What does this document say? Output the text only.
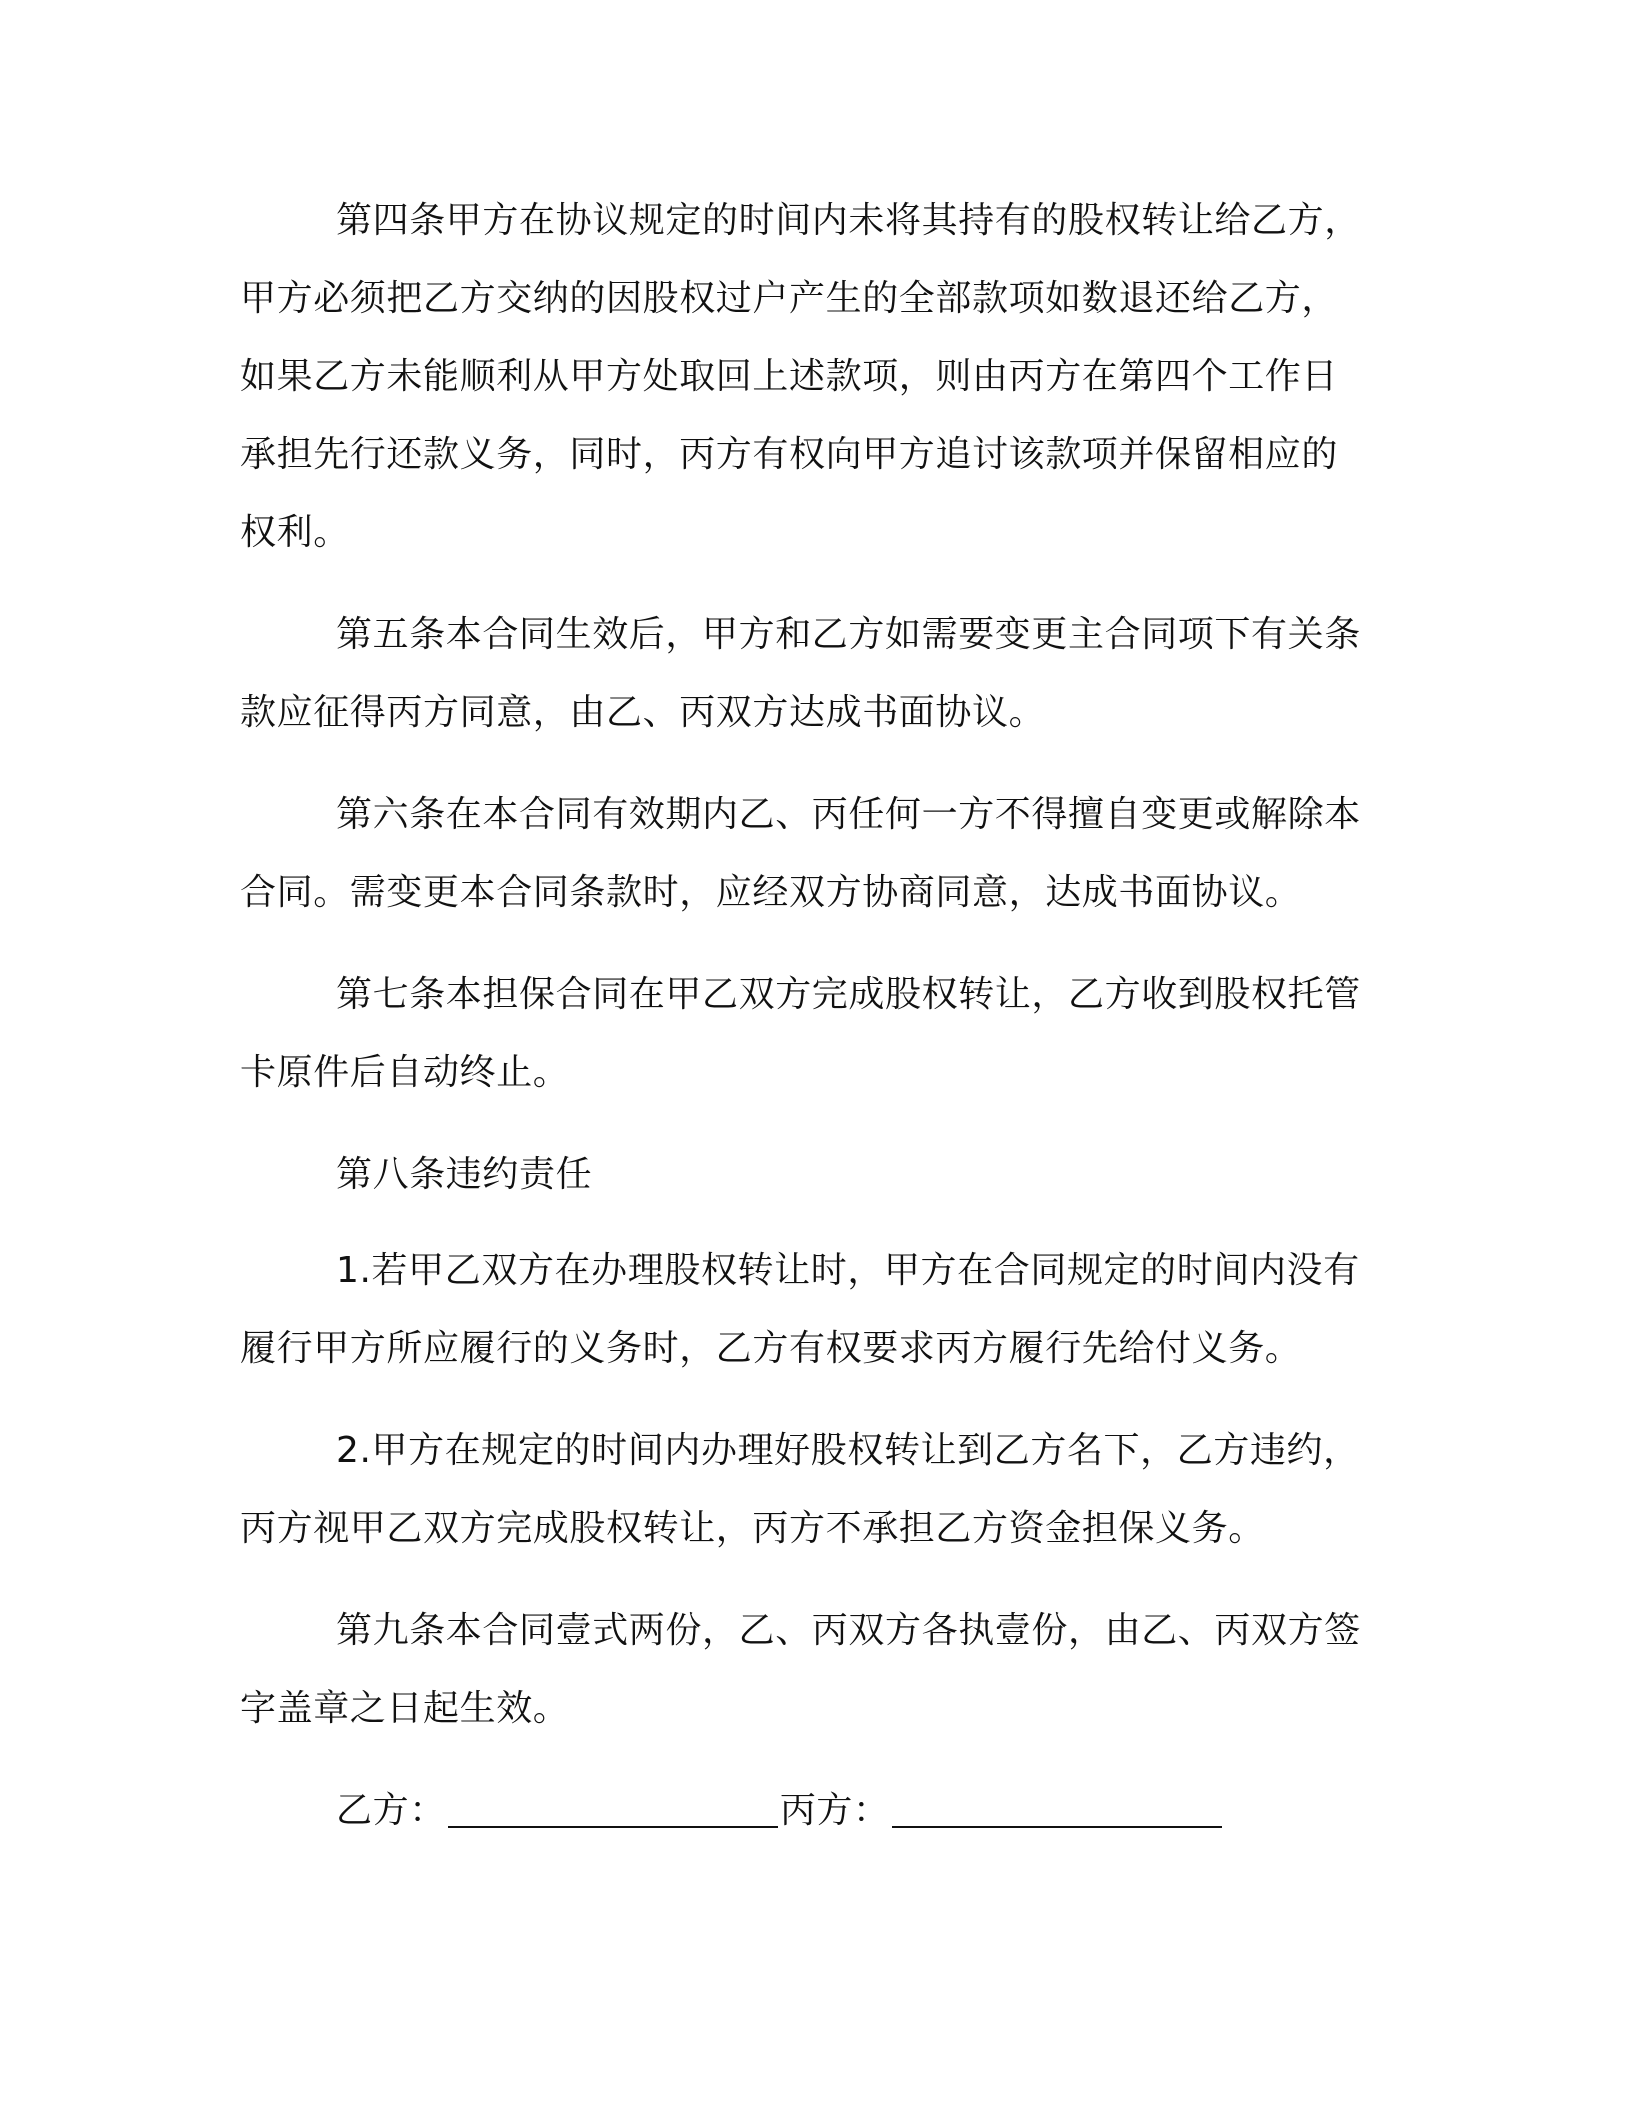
第四条甲方在协议规定的时间内未将其持有的股权转让给乙方，甲方必须把乙方交纳的因股权过户产生的全部款项如数退还给乙方，如果乙方未能顺利从甲方处取回上述款项，则由丙方在第四个工作日承担先行还款义务，同时，丙方有权向甲方追讨该款项并保留相应的权利。

第五条本合同生效后，甲方和乙方如需要变更主合同项下有关条款应征得丙方同意，由乙、丙双方达成书面协议。

第六条在本合同有效期内乙、丙任何一方不得擅自变更或解除本合同。需变更本合同条款时，应经双方协商同意，达成书面协议。

第七条本担保合同在甲乙双方完成股权转让，乙方收到股权托管卡原件后自动终止。

第八条违约责任

1.若甲乙双方在办理股权转让时，甲方在合同规定的时间内没有履行甲方所应履行的义务时，乙方有权要求丙方履行先给付义务。

2.甲方在规定的时间内办理好股权转让到乙方名下，乙方违约，丙方视甲乙双方完成股权转让，丙方不承担乙方资金担保义务。

第九条本合同壹式两份，乙、丙双方各执壹份，由乙、丙双方签字盖章之日起生效。

乙方：	丙方：
